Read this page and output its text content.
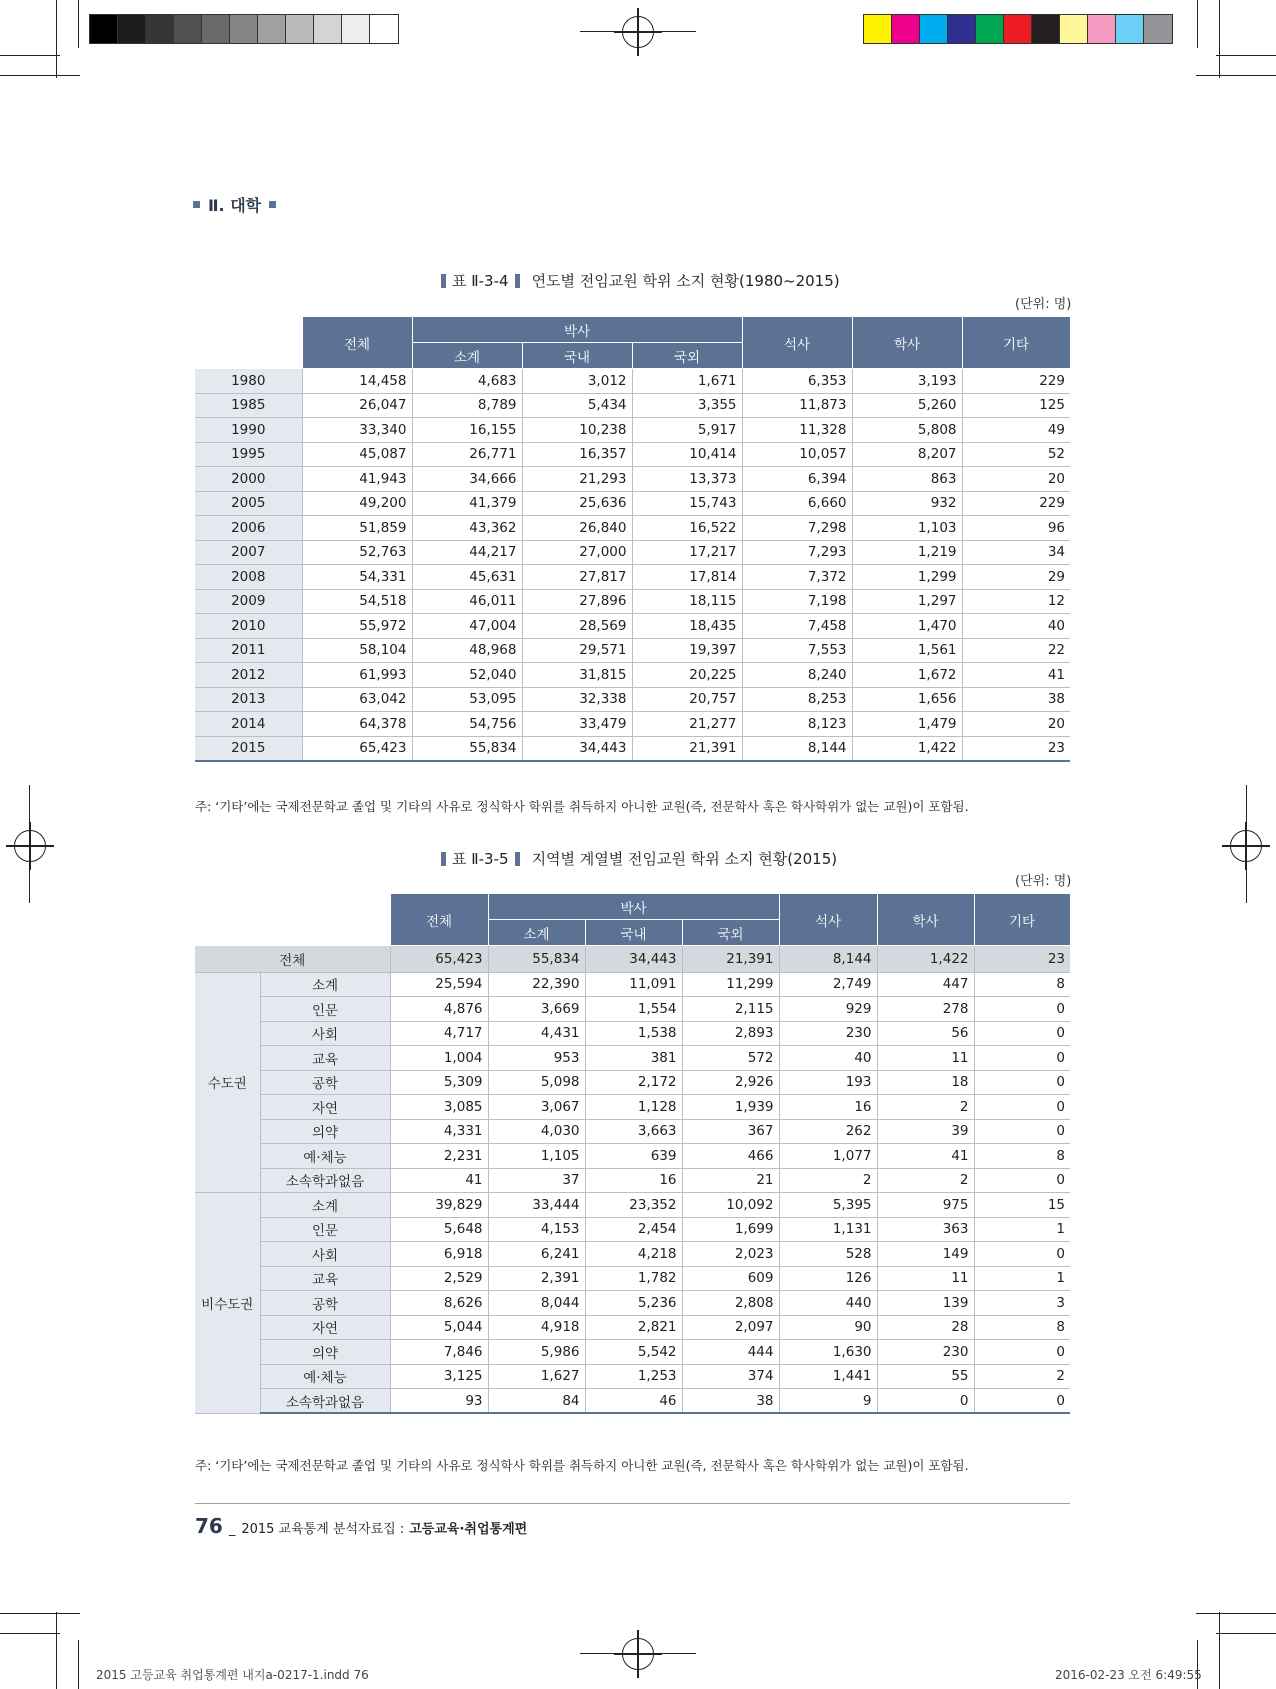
Ⅱ. 대학
표 Ⅱ-3-4 연도별 전임교원 학위 소지 현황(1980~2015)
(단위: 명)
	전체	박사			석사	학사	기타
		소계	국내	국외			
1980	14,458	4,683	3,012	1,671	6,353	3,193	229
1985	26,047	8,789	5,434	3,355	11,873	5,260	125
1990	33,340	16,155	10,238	5,917	11,328	5,808	49
1995	45,087	26,771	16,357	10,414	10,057	8,207	52
2000	41,943	34,666	21,293	13,373	6,394	863	20
2005	49,200	41,379	25,636	15,743	6,660	932	229
2006	51,859	43,362	26,840	16,522	7,298	1,103	96
2007	52,763	44,217	27,000	17,217	7,293	1,219	34
2008	54,331	45,631	27,817	17,814	7,372	1,299	29
2009	54,518	46,011	27,896	18,115	7,198	1,297	12
2010	55,972	47,004	28,569	18,435	7,458	1,470	40
2011	58,104	48,968	29,571	19,397	7,553	1,561	22
2012	61,993	52,040	31,815	20,225	8,240	1,672	41
2013	63,042	53,095	32,338	20,757	8,253	1,656	38
2014	64,378	54,756	33,479	21,277	8,123	1,479	20
2015	65,423	55,834	34,443	21,391	8,144	1,422	23
주: ‘기타’에는 국제전문학교 졸업 및 기타의 사유로 정식학사 학위를 취득하지 아니한 교원(즉, 전문학사 혹은 학사학위가 없는 교원)이 포함됨.
표 Ⅱ-3-5 지역별 계열별 전임교원 학위 소지 현황(2015)
(단위: 명)
		전체	박사			석사	학사	기타
			소계	국내	국외			
전체		65,423	55,834	34,443	21,391	8,144	1,422	23
수도권	소계	25,594	22,390	11,091	11,299	2,749	447	8
	인문	4,876	3,669	1,554	2,115	929	278	0
	사회	4,717	4,431	1,538	2,893	230	56	0
	교육	1,004	953	381	572	40	11	0
	공학	5,309	5,098	2,172	2,926	193	18	0
	자연	3,085	3,067	1,128	1,939	16	2	0
	의약	4,331	4,030	3,663	367	262	39	0
	예·체능	2,231	1,105	639	466	1,077	41	8
	소속학과없음	41	37	16	21	2	2	0
비수도권	소계	39,829	33,444	23,352	10,092	5,395	975	15
	인문	5,648	4,153	2,454	1,699	1,131	363	1
	사회	6,918	6,241	4,218	2,023	528	149	0
	교육	2,529	2,391	1,782	609	126	11	1
	공학	8,626	8,044	5,236	2,808	440	139	3
	자연	5,044	4,918	2,821	2,097	90	28	8
	의약	7,846	5,986	5,542	444	1,630	230	0
	예·체능	3,125	1,627	1,253	374	1,441	55	2
	소속학과없음	93	84	46	38	9	0	0
주: ‘기타’에는 국제전문학교 졸업 및 기타의 사유로 정식학사 학위를 취득하지 아니한 교원(즉, 전문학사 혹은 학사학위가 없는 교원)이 포함됨.
76 _ 2015 교육통계 분석자료집 : 고등교육·취업통계편
2015 고등교육 취업통계편 내지a-0217-1.indd 76	2016-02-23 오전 6:49:55
